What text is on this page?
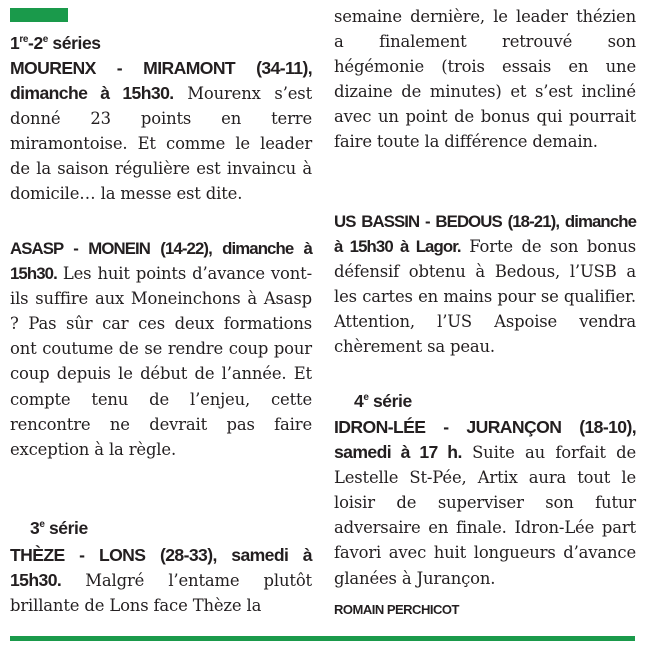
1re-2e séries

MOURENX - MIRAMONT (34-11), dimanche à 15h30. Mourenx s’est donné 23 points en terre miramontoise. Et comme le leader de la saison régulière est invaincu à domicile… la messe est dite.

ASASP - MONEIN (14-22), dimanche à 15h30. Les huit points d’avance vont-ils suffire aux Moneinchons à Asasp ? Pas sûr car ces deux formations ont coutume de se rendre coup pour coup depuis le début de l’année. Et compte tenu de l’enjeu, cette rencontre ne devrait pas faire exception à la règle.

3e série

THÈZE - LONS (28-33), samedi à 15h30. Malgré l’entame plutôt brillante de Lons face Thèze la

semaine dernière, le leader thézien a finalement retrouvé son hégémonie (trois essais en une dizaine de minutes) et s’est incliné avec un point de bonus qui pourrait faire toute la différence demain.

US BASSIN - BEDOUS (18-21), dimanche à 15h30 à Lagor. Forte de son bonus défensif obtenu à Bedous, l’USB a les cartes en mains pour se qualifier. Attention, l’US Aspoise vendra chèrement sa peau.

4e série

IDRON-LÉE - JURANÇON (18-10), samedi à 17 h. Suite au forfait de Lestelle St-Pée, Artix aura tout le loisir de superviser son futur adversaire en finale. Idron-Lée part favori avec huit longueurs d’avance glanées à Jurançon.

ROMAIN PERCHICOT
